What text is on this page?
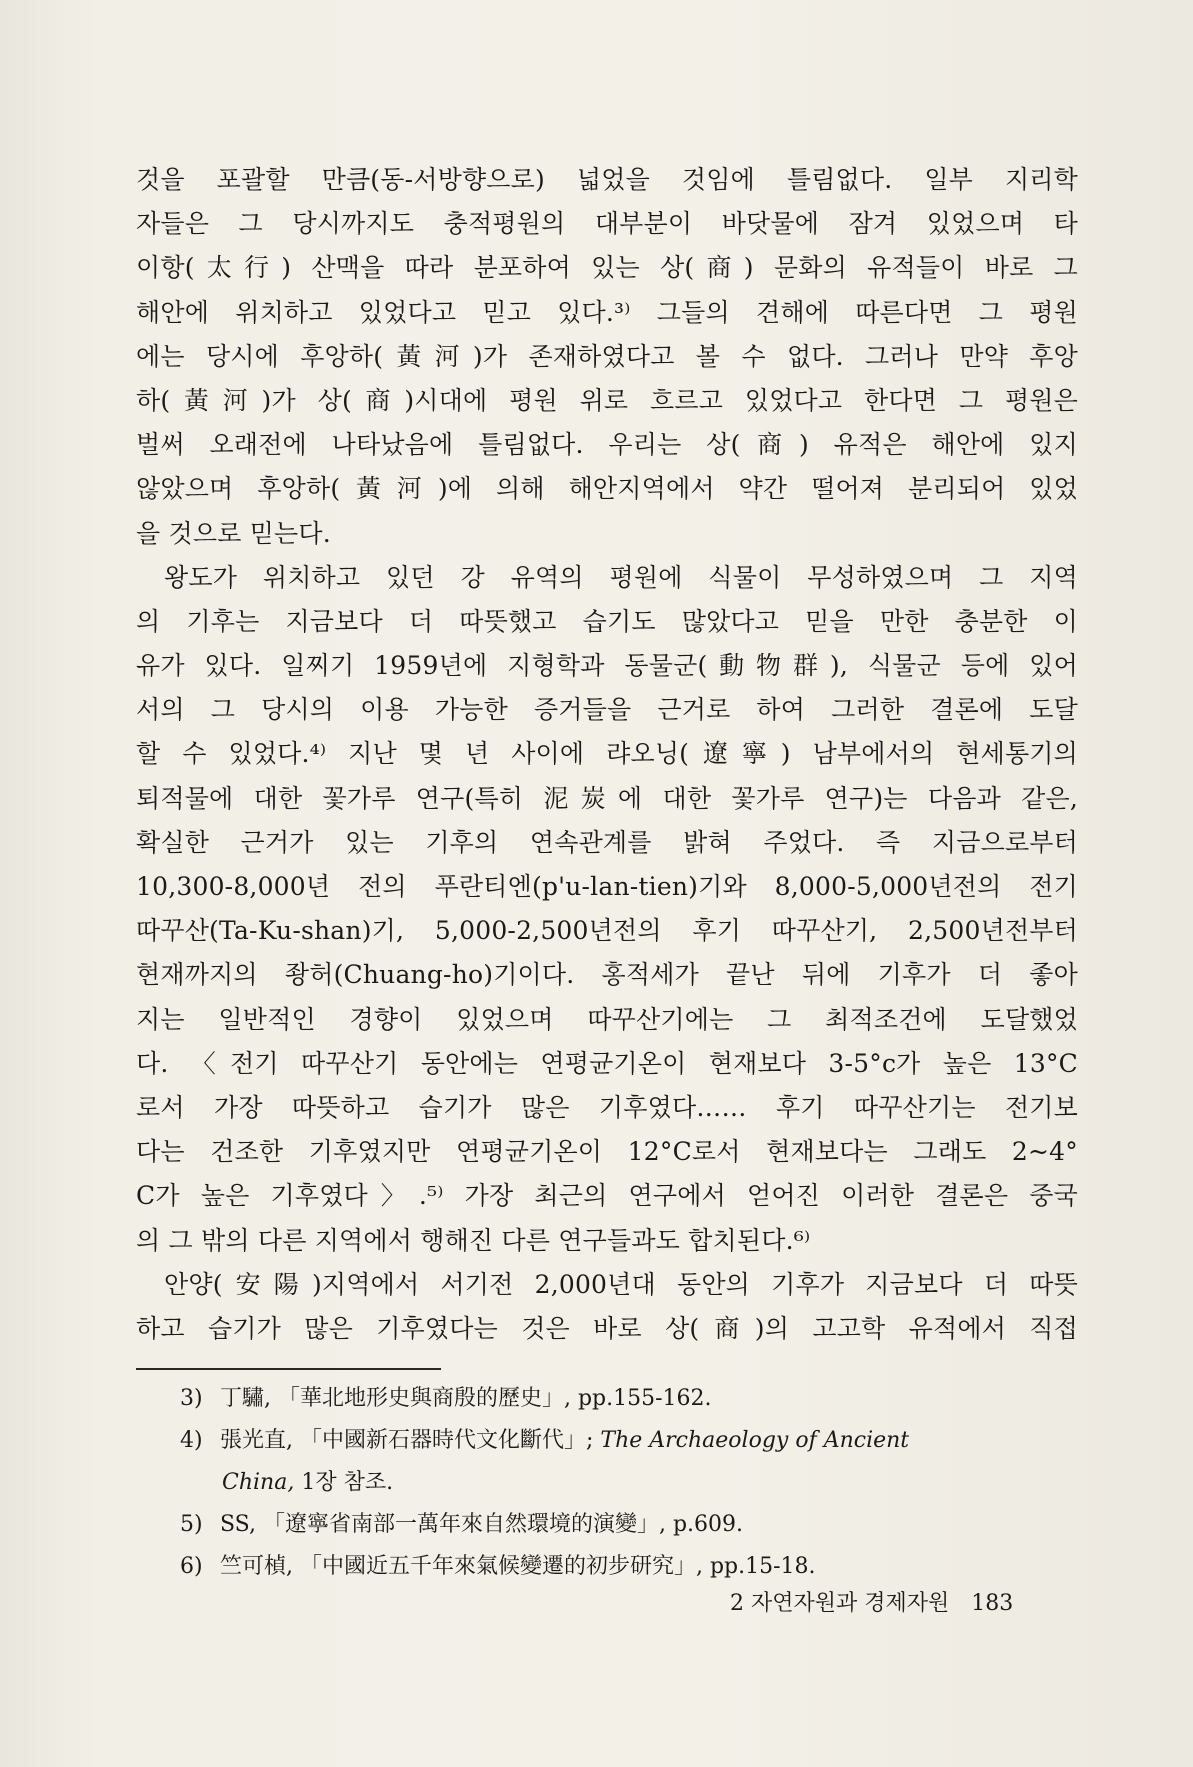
것을 포괄할 만큼(동-서방향으로) 넓었을 것임에 틀림없다. 일부 지리학
자들은 그 당시까지도 충적평원의 대부분이 바닷물에 잠겨 있었으며 타
이항(太行) 산맥을 따라 분포하여 있는 상(商) 문화의 유적들이 바로 그
해안에 위치하고 있었다고 믿고 있다.³⁾ 그들의 견해에 따른다면 그 평원
에는 당시에 후앙하(黃河)가 존재하였다고 볼 수 없다. 그러나 만약 후앙
하(黃河)가 상(商)시대에 평원 위로 흐르고 있었다고 한다면 그 평원은
벌써 오래전에 나타났음에 틀림없다. 우리는 상(商) 유적은 해안에 있지
않았으며 후앙하(黃河)에 의해 해안지역에서 약간 떨어져 분리되어 있었
을 것으로 믿는다.
왕도가 위치하고 있던 강 유역의 평원에 식물이 무성하였으며 그 지역
의 기후는 지금보다 더 따뜻했고 습기도 많았다고 믿을 만한 충분한 이
유가 있다. 일찌기 1959년에 지형학과 동물군(動物群), 식물군 등에 있어
서의 그 당시의 이용 가능한 증거들을 근거로 하여 그러한 결론에 도달
할 수 있었다.⁴⁾ 지난 몇 년 사이에 랴오닝(遼寧) 남부에서의 현세통기의
퇴적물에 대한 꽃가루 연구(특히 泥炭에 대한 꽃가루 연구)는 다음과 같은,
확실한 근거가 있는 기후의 연속관계를 밝혀 주었다. 즉 지금으로부터
10,300-8,000년 전의 푸란티엔(p'u-lan-tien)기와 8,000-5,000년전의 전기
따꾸산(Ta-Ku-shan)기, 5,000-2,500년전의 후기 따꾸산기, 2,500년전부터
현재까지의 좡허(Chuang-ho)기이다. 홍적세가 끝난 뒤에 기후가 더 좋아
지는 일반적인 경향이 있었으며 따꾸산기에는 그 최적조건에 도달했었
다. 〈전기 따꾸산기 동안에는 연평균기온이 현재보다 3-5°c가 높은 13°C
로서 가장 따뜻하고 습기가 많은 기후였다…… 후기 따꾸산기는 전기보
다는 건조한 기후였지만 연평균기온이 12°C로서 현재보다는 그래도 2~4°
C가 높은 기후였다〉.⁵⁾ 가장 최근의 연구에서 얻어진 이러한 결론은 중국
의 그 밖의 다른 지역에서 행해진 다른 연구들과도 합치된다.⁶⁾
안양(安陽)지역에서 서기전 2,000년대 동안의 기후가 지금보다 더 따뜻
하고 습기가 많은 기후였다는 것은 바로 상(商)의 고고학 유적에서 직접
3) 丁驌, 「華北地形史與商殷的歷史」, pp.155-162.
4) 張光直, 「中國新石器時代文化斷代」; The Archaeology of Ancient
China, 1장 참조.
5) SS, 「遼寧省南部一萬年來自然環境的演變」, p.609.
6) 竺可楨, 「中國近五千年來氣候變遷的初步研究」, pp.15-18.
2 자연자원과 경제자원 183
